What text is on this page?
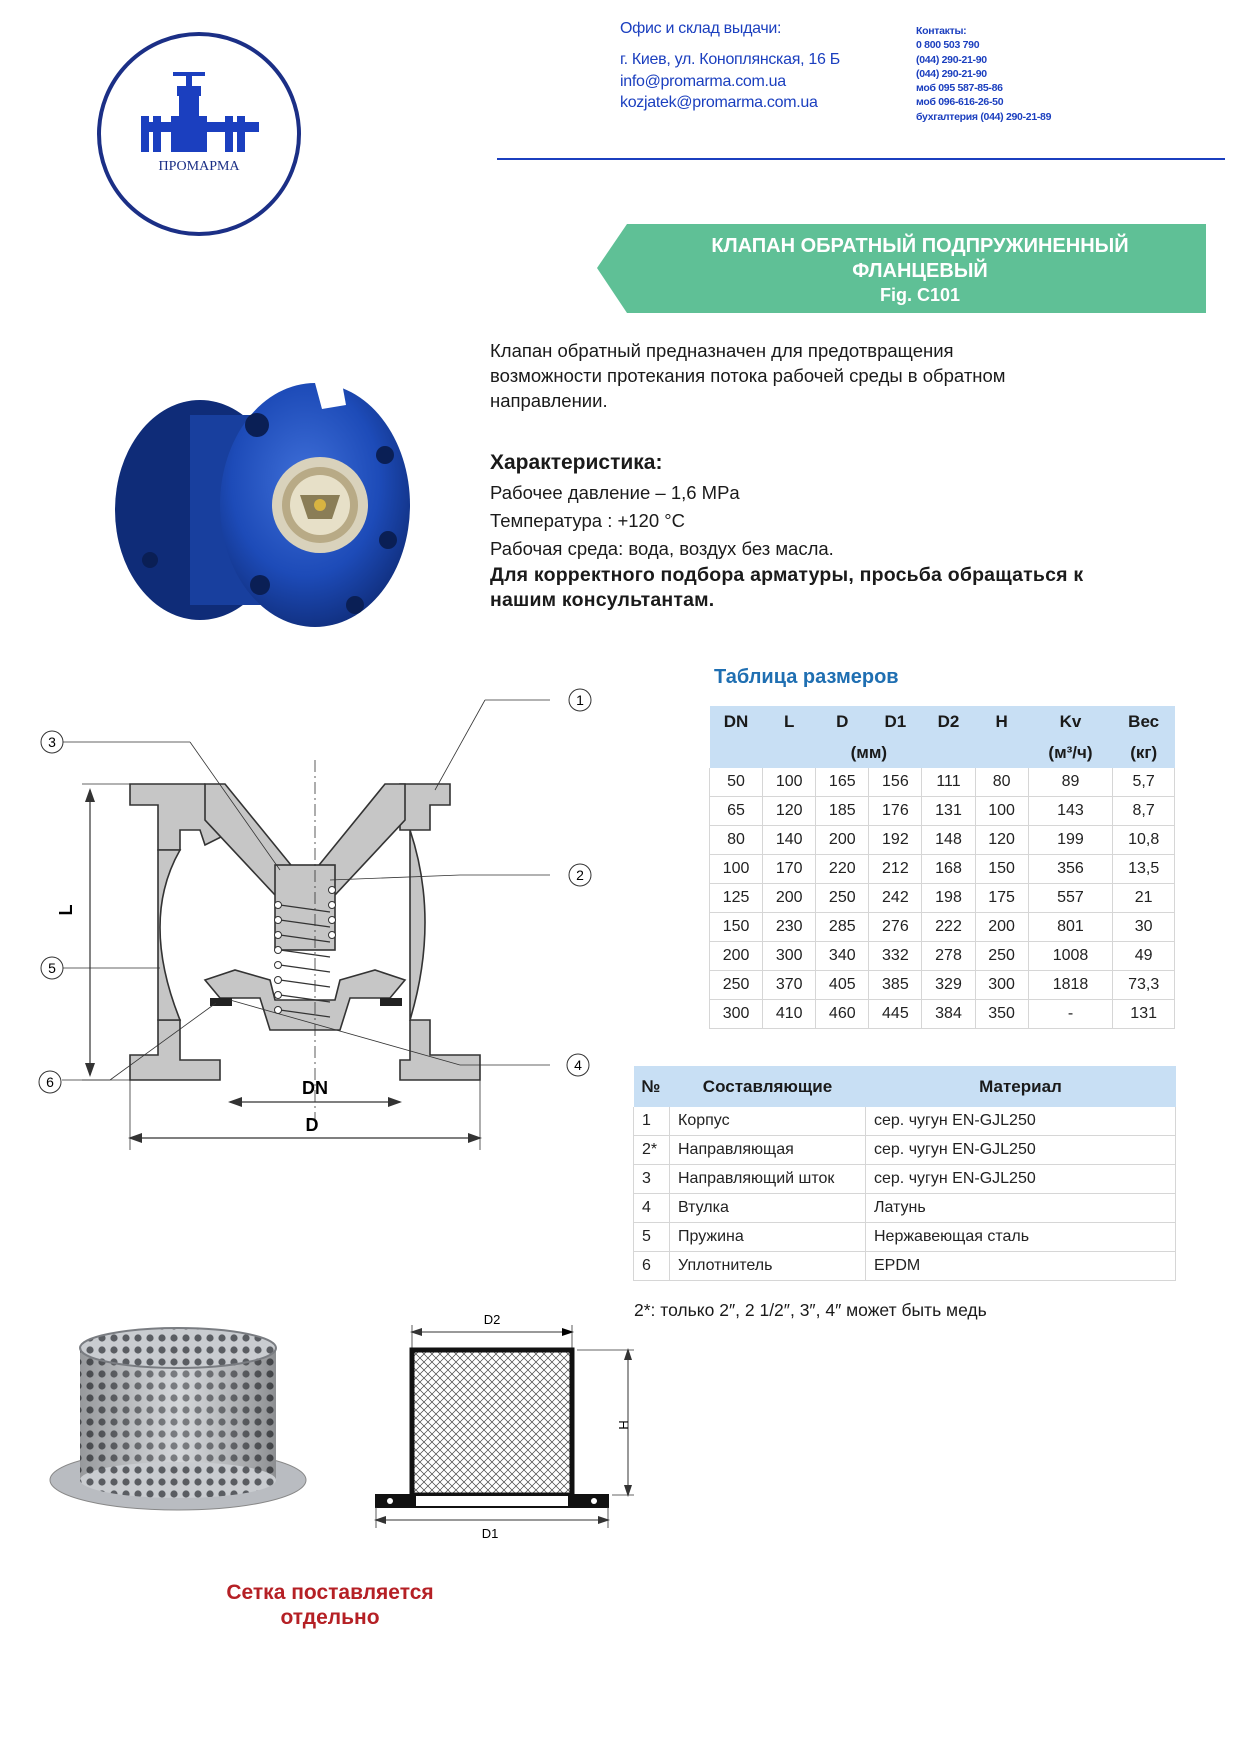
ПРОМАРМА
Офис и склад выдачи:
г. Киев, ул. Коноплянская, 16 Б
info@promarma.com.ua
kozjatek@promarma.com.ua
Контакты:
0 800 503 790
(044) 290-21-90
(044) 290-21-90
моб 095 587-85-86
моб 096-616-26-50
бухгалтерия (044) 290-21-89
КЛАПАН ОБРАТНЫЙ ПОДПРУЖИНЕННЫЙ
ФЛАНЦЕВЫЙ
Fig. C101
Клапан обратный предназначен для предотвращения возможности протекания потока рабочей среды в обратном направлении.
Характеристика:
Рабочее давление – 1,6 MPa
Температура : +120 °C
Рабочая среда: вода, воздух без масла.
Для корректного подбора арматуры, просьба обращаться к нашим консультантам.
L
DN
D
1
2
3
4
5
6
Таблица размеров
DN	L	D	D1	D2	H	Kv	Вес
(мм)						(м³/ч)	(кг)
50	100	165	156	111	80	89	5,7
65	120	185	176	131	100	143	8,7
80	140	200	192	148	120	199	10,8
100	170	220	212	168	150	356	13,5
125	200	250	242	198	175	557	21
150	230	285	276	222	200	801	30
200	300	340	332	278	250	1008	49
250	370	405	385	329	300	1818	73,3
300	410	460	445	384	350	-	131
№	Составляющие	Материал
1	Корпус	сер. чугун EN-GJL250
2*	Направляющая	сер. чугун EN-GJL250
3	Направляющий шток	сер. чугун EN-GJL250
4	Втулка	Латунь
5	Пружина	Нержавеющая сталь
6	Уплотнитель	EPDM
2*: только 2″, 2 1/2″, 3″, 4″ может быть медь
D2
H
D1
Сетка поставляется отдельно
